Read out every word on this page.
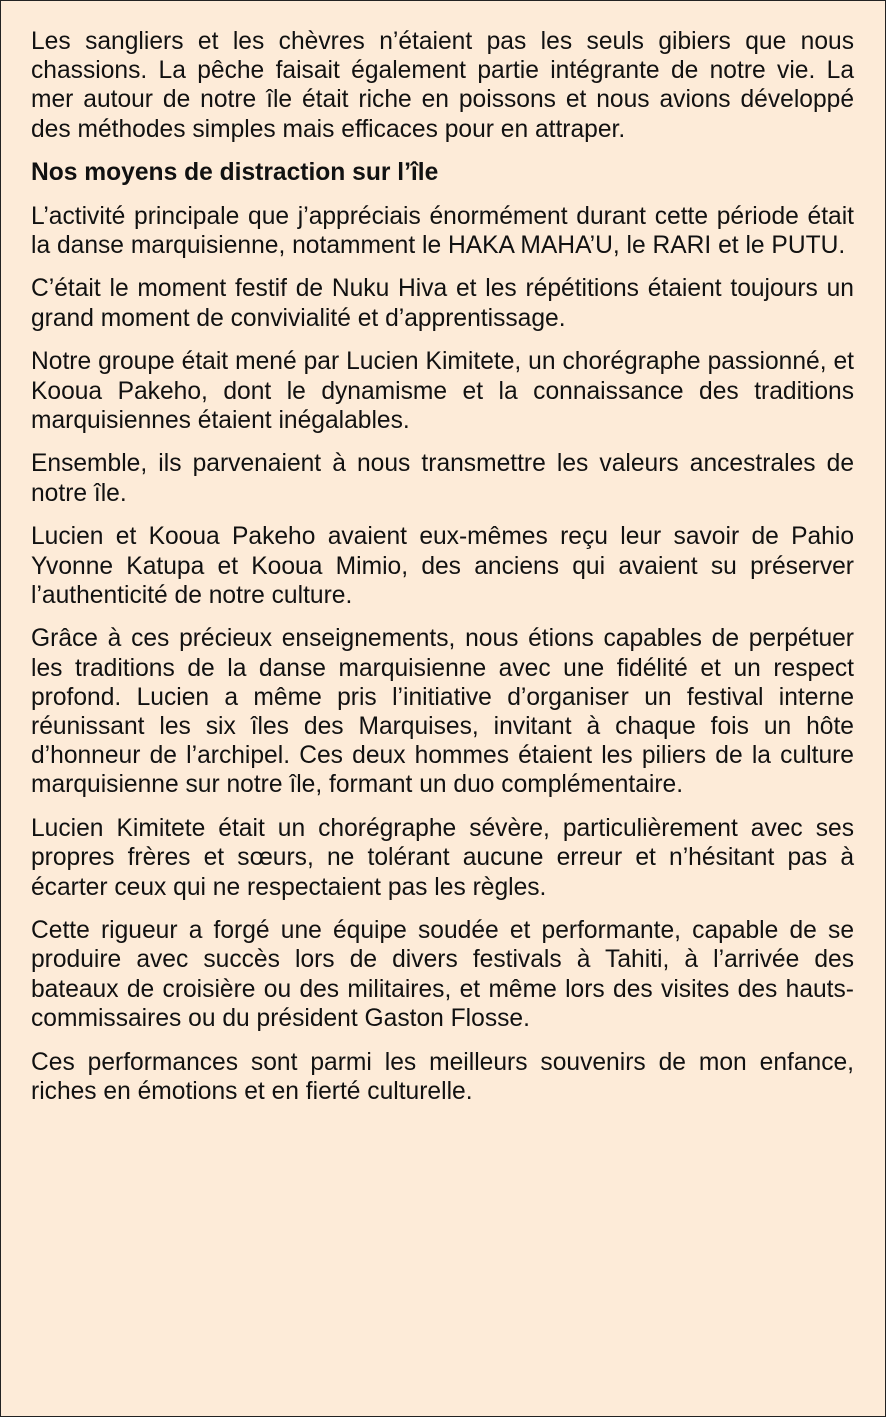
Les sangliers et les chèvres n’étaient pas les seuls gibiers que nous chassions. La pêche faisait également partie intégrante de notre vie. La mer autour de notre île était riche en poissons et nous avions développé des méthodes simples mais efficaces pour en attraper.

Nos moyens de distraction sur l’île

L’activité principale que j’appréciais énormément durant cette période était la danse marquisienne, notamment le HAKA MAHA’U, le RARI et le PUTU.

C’était le moment festif de Nuku Hiva et les répétitions étaient toujours un grand moment de convivialité et d’apprentissage.

Notre groupe était mené par Lucien Kimitete, un chorégraphe passionné, et Kooua Pakeho, dont le dynamisme et la connaissance des traditions marquisiennes étaient inégalables.

Ensemble, ils parvenaient à nous transmettre les valeurs ancestrales de notre île.

Lucien et Kooua Pakeho avaient eux-mêmes reçu leur savoir de Pahio Yvonne Katupa et Kooua Mimio, des anciens qui avaient su préserver l’authenticité de notre culture.

Grâce à ces précieux enseignements, nous étions capables de perpétuer les traditions de la danse marquisienne avec une fidélité et un respect profond. Lucien a même pris l’initiative d’organiser un festival interne réunissant les six îles des Marquises, invitant à chaque fois un hôte d’honneur de l’archipel. Ces deux hommes étaient les piliers de la culture marquisienne sur notre île, formant un duo complémentaire.

Lucien Kimitete était un chorégraphe sévère, particulièrement avec ses propres frères et sœurs, ne tolérant aucune erreur et n’hésitant pas à écarter ceux qui ne respectaient pas les règles.

Cette rigueur a forgé une équipe soudée et performante, capable de se produire avec succès lors de divers festivals à Tahiti, à l’arrivée des bateaux de croisière ou des militaires, et même lors des visites des hauts-commissaires ou du président Gaston Flosse.

Ces performances sont parmi les meilleurs souvenirs de mon enfance, riches en émotions et en fierté culturelle.
